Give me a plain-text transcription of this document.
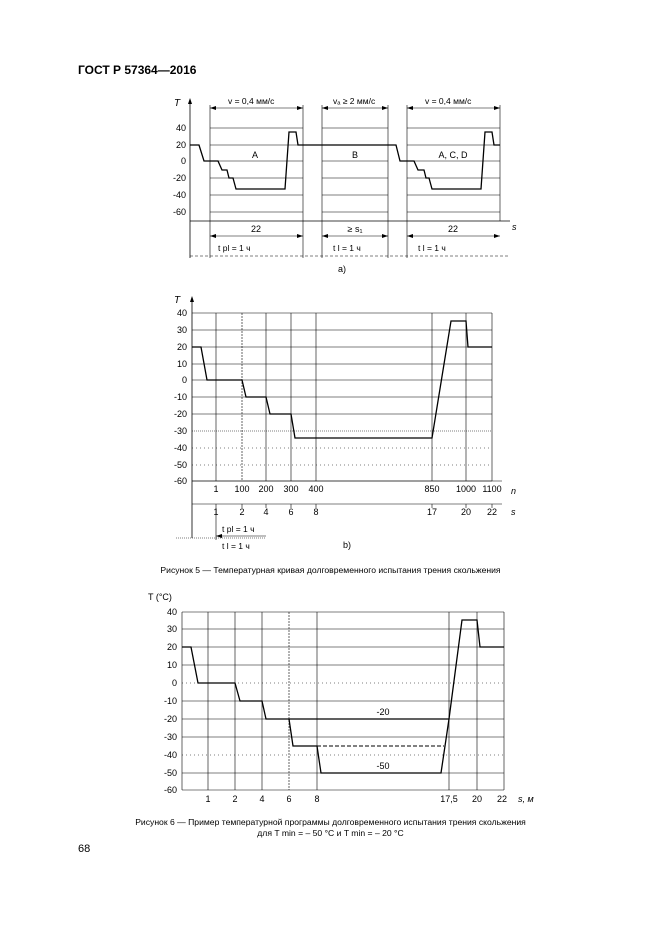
ГОСТ Р 57364—2016
T
40
20
0
-20
-40
-60
v = 0,4 мм/с	vₐ ≥ 2 мм/с	v = 0,4 мм/с
A	B	A, C, D
22	≥ s₁	22	s
t pl = 1 ч	t l = 1 ч	t l = 1 ч
a)
T
40
30
20
10
0
-10
-20
-30
-40
-50
-60
1 100 200 300 400	850 1000 1100 n
1 2 4 6 8	17	20 22 s
t pl = 1 ч
t l = 1 ч	b)
T (°C)
40
30
20
10
0
-10
-20
-30
-40
-50
-60
1 2 4 6	8	17,5 20 22 s, м
-20
-50
Рисунок 5 — Температурная кривая долговременного испытания трения скольжения
Рисунок 6 — Пример температурной программы долговременного испытания трения скольжения
для T min = – 50 °C и T min = – 20 °C
68
